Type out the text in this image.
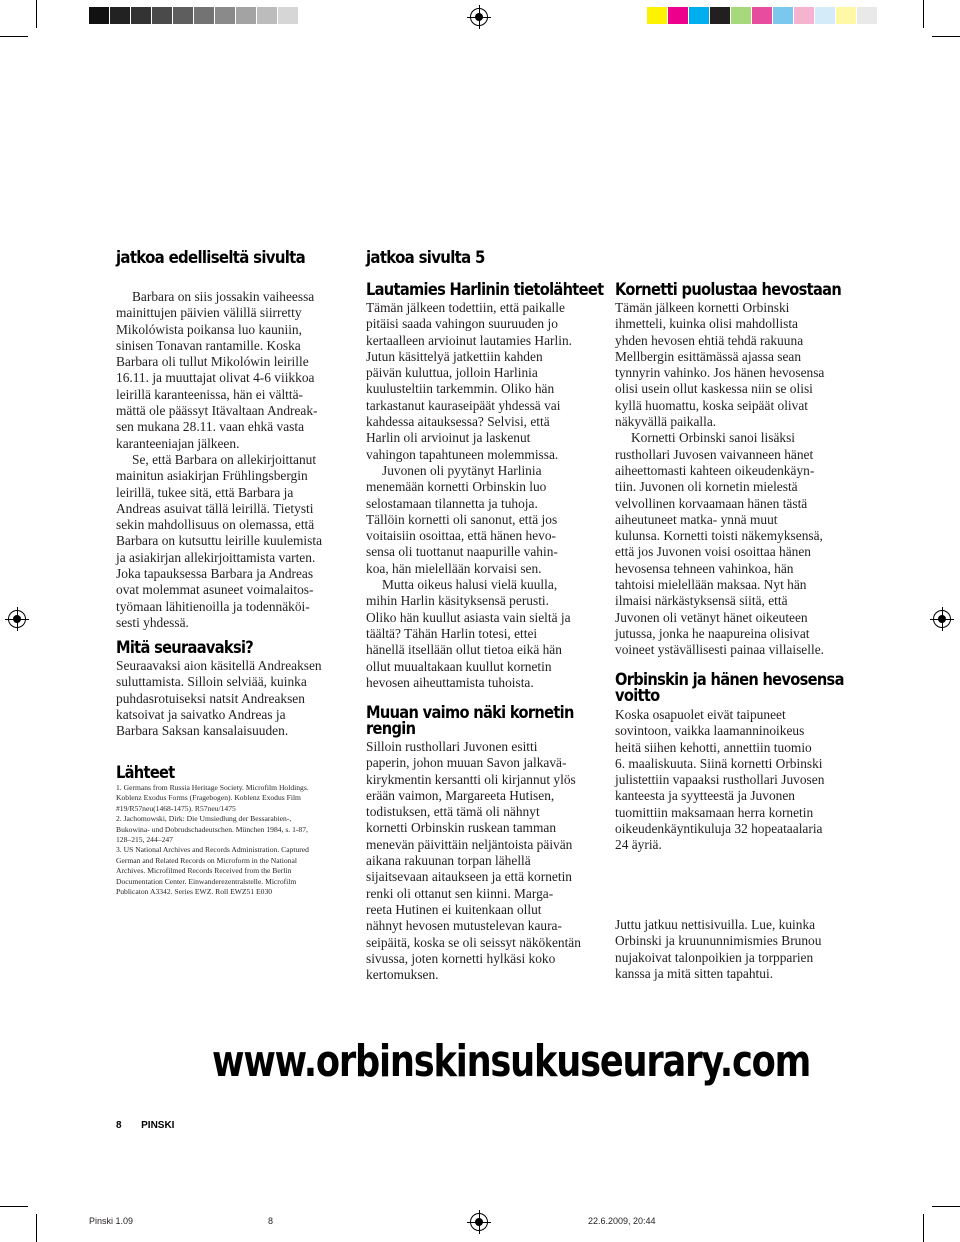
jatkoa edelliseltä sivulta

Barbara on siis jossakin vaiheessa
mainittujen päivien välillä siirretty
Mikolówista poikansa luo kauniin,
sinisen Tonavan rantamille. Koska
Barbara oli tullut Mikolówin leirille
16.11. ja muuttajat olivat 4-6 viikkoa
leirillä karanteenissa, hän ei välttä-
mättä ole päässyt Itävaltaan Andreak-
sen mukana 28.11. vaan ehkä vasta
karanteeniajan jälkeen.

Se, että Barbara on allekirjoittanut
mainitun asiakirjan Frühlingsbergin
leirillä, tukee sitä, että Barbara ja
Andreas asuivat tällä leirillä. Tietysti
sekin mahdollisuus on olemassa, että
Barbara on kutsuttu leirille kuulemista
ja asiakirjan allekirjoittamista varten.
Joka tapauksessa Barbara ja Andreas
ovat molemmat asuneet voimalaitos-
työmaan lähitienoilla ja todennäköi-
sesti yhdessä.

Mitä seuraavaksi?

Seuraavaksi aion käsitellä Andreaksen
suluttamista. Silloin selviää, kuinka
puhdasrotuiseksi natsit Andreaksen
katsoivat ja saivatko Andreas ja
Barbara Saksan kansalaisuuden.

Lähteet

1. Germans from Russia Heritage Society. Microfilm Holdings.
Koblenz Exodus Forms (Fragebogen). Koblenz Exodus Film
#19/R57neu(1468-1475). R57neu/1475

2. Jachomowski, Dirk: Die Umsiedlung der Bessarabien-,
Bukowina- und Dobrudschadeutschen. München 1984, s. 1-87,
128–215, 244–247

3. US National Archives and Records Administration. Captured
German and Related Records on Microform in the National
Archives. Microfilmed Records Received from the Berlin
Documentation Center. Einwanderezentralstelle. Microfilm
Publicaton A3342. Series EWZ. Roll EWZ51 E030

jatkoa sivulta 5
Lautamies Harlinin tietolähteet

Tämän jälkeen todettiin, että paikalle
pitäisi saada vahingon suuruuden jo
kertaalleen arvioinut lautamies Harlin.
Jutun käsittelyä jatkettiin kahden
päivän kuluttua, jolloin Harlinia
kuulusteltiin tarkemmin. Oliko hän
tarkastanut kauraseipäät yhdessä vai
kahdessa aitauksessa? Selvisi, että
Harlin oli arvioinut ja laskenut
vahingon tapahtuneen molemmissa.

Juvonen oli pyytänyt Harlinia
menemään kornetti Orbinskin luo
selostamaan tilannetta ja tuhoja.
Tällöin kornetti oli sanonut, että jos
voitaisiin osoittaa, että hänen hevo-
sensa oli tuottanut naapurille vahin-
koa, hän mielellään korvaisi sen.

Mutta oikeus halusi vielä kuulla,
mihin Harlin käsityksensä perusti.
Oliko hän kuullut asiasta vain sieltä ja
täältä? Tähän Harlin totesi, ettei
hänellä itsellään ollut tietoa eikä hän
ollut muualtakaan kuullut kornetin
hevosen aiheuttamista tuhoista.

Muuan vaimo näki kornetin
rengin

Silloin rusthollari Juvonen esitti
paperin, johon muuan Savon jalkavä-
kirykmentin kersantti oli kirjannut ylös
erään vaimon, Margareeta Hutisen,
todistuksen, että tämä oli nähnyt
kornetti Orbinskin ruskean tamman
menevän päivittäin neljäntoista päivän
aikana rakuunan torpan lähellä
sijaitsevaan aitaukseen ja että kornetin
renki oli ottanut sen kiinni. Marga-
reeta Hutinen ei kuitenkaan ollut
nähnyt hevosen mutustelevan kaura-
seipäitä, koska se oli seissyt näkökentän
sivussa, joten kornetti hylkäsi koko
kertomuksen.

Kornetti puolustaa hevostaan

Tämän jälkeen kornetti Orbinski
ihmetteli, kuinka olisi mahdollista
yhden hevosen ehtiä tehdä rakuuna
Mellbergin esittämässä ajassa sean
tynnyrin vahinko. Jos hänen hevosensa
olisi usein ollut kaskessa niin se olisi
kyllä huomattu, koska seipäät olivat
näkyvällä paikalla.

Kornetti Orbinski sanoi lisäksi
rusthollari Juvosen vaivanneen hänet
aiheettomasti kahteen oikeudenkäyn-
tiin. Juvonen oli kornetin mielestä
velvollinen korvaamaan hänen tästä
aiheutuneet matka- ynnä muut
kulunsa. Kornetti toisti näkemyksensä,
että jos Juvonen voisi osoittaa hänen
hevosensa tehneen vahinkoa, hän
tahtoisi mielellään maksaa. Nyt hän
ilmaisi närkästyksensä siitä, että
Juvonen oli vetänyt hänet oikeuteen
jutussa, jonka he naapureina olisivat
voineet ystävällisesti painaa villaiselle.

Orbinskin ja hänen hevosensa
voitto

Koska osapuolet eivät taipuneet
sovintoon, vaikka laamanninoikeus
heitä siihen kehotti, annettiin tuomio
6. maaliskuuta. Siinä kornetti Orbinski
julistettiin vapaaksi rusthollari Juvosen
kanteesta ja syytteestä ja Juvonen
tuomittiin maksamaan herra kornetin
oikeudenkäyntikuluja 32 hopeataalaria
24 äyriä.

Juttu jatkuu nettisivuilla. Lue, kuinka
Orbinski ja kruununnimismies Brunou
nujakoivat talonpoikien ja torpparien
kanssa ja mitä sitten tapahtui.

www.orbinskinsukuseurary.com
8 PINSKI
Pinski 1.09	8	22.6.2009, 20:44
